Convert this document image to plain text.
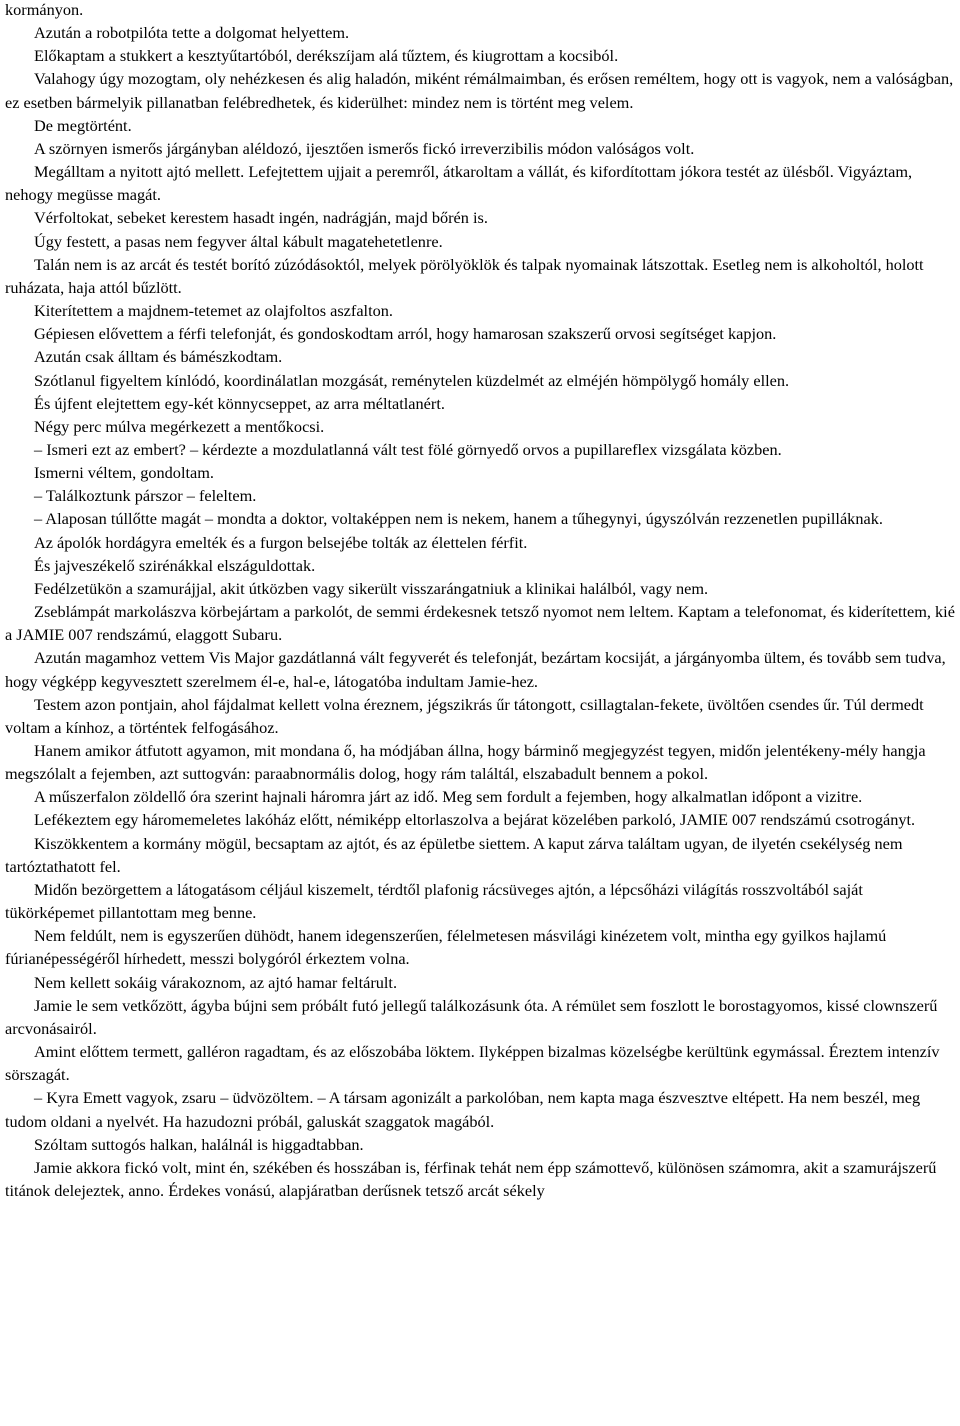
kormányon.

Azután a robotpilóta tette a dolgomat helyettem.

Előkaptam a stukkert a kesztyűtartóból, derékszíjam alá tűztem, és kiugrottam a kocsiból.

Valahogy úgy mozogtam, oly nehézkesen és alig haladón, miként rémálmaimban, és erősen reméltem, hogy ott is vagyok, nem a valóságban, ez esetben bármelyik pillanatban felébredhetek, és kiderülhet: mindez nem is történt meg velem.

De megtörtént.

A szörnyen ismerős járgányban aléldozó, ijesztően ismerős fickó irreverzibilis módon valóságos volt.

Megálltam a nyitott ajtó mellett. Lefejtettem ujjait a peremről, átkaroltam a vállát, és kifordítottam jókora testét az ülésből. Vigyáztam, nehogy megüsse magát.

Vérfoltokat, sebeket kerestem hasadt ingén, nadrágján, majd bőrén is.

Úgy festett, a pasas nem fegyver által kábult magatehetetlenre.

Talán nem is az arcát és testét borító zúzódásoktól, melyek pörölyöklök és talpak nyomainak látszottak. Esetleg nem is alkoholtól, holott ruházata, haja attól bűzlött.

Kiterítettem a majdnem-tetemet az olajfoltos aszfalton.

Gépiesen elővettem a férfi telefonját, és gondoskodtam arról, hogy hamarosan szakszerű orvosi segítséget kapjon.

Azután csak álltam és bámészkodtam.

Szótlanul figyeltem kínlódó, koordinálatlan mozgását, reménytelen küzdelmét az elméjén hömpölygő homály ellen.

És újfent elejtettem egy-két könnycseppet, az arra méltatlanért.

Négy perc múlva megérkezett a mentőkocsi.

– Ismeri ezt az embert? – kérdezte a mozdulatlanná vált test fölé görnyedő orvos a pupillareflex vizsgálata közben.

Ismerni véltem, gondoltam.

– Találkoztunk párszor – feleltem.

– Alaposan túllőtte magát – mondta a doktor, voltaképpen nem is nekem, hanem a tűhegynyi, úgyszólván rezzenetlen pupilláknak.

Az ápolók hordágyra emelték és a furgon belsejébe tolták az élettelen férfit.

És jajveszékelő szirénákkal elszáguldottak.

Fedélzetükön a szamurájjal, akit útközben vagy sikerült visszarángatniuk a klinikai halálból, vagy nem.

Zseblámpát markolászva körbejártam a parkolót, de semmi érdekesnek tetsző nyomot nem leltem. Kaptam a telefonomat, és kiderítettem, kié a JAMIE 007 rendszámú, elaggott Subaru.

Azután magamhoz vettem Vis Major gazdátlanná vált fegyverét és telefonját, bezártam kocsiját, a járgányomba ültem, és tovább sem tudva, hogy végképp kegyvesztett szerelmem él-e, hal-e, látogatóba indultam Jamie-hez.

Testem azon pontjain, ahol fájdalmat kellett volna éreznem, jégszikrás űr tátongott, csillagtalan-fekete, üvöltően csendes űr. Túl dermedt voltam a kínhoz, a történtek felfogásához.

Hanem amikor átfutott agyamon, mit mondana ő, ha módjában állna, hogy bárminő megjegyzést tegyen, midőn jelentékeny-mély hangja megszólalt a fejemben, azt suttogván: paraabnormális dolog, hogy rám találtál, elszabadult bennem a pokol.

A műszerfalon zöldellő óra szerint hajnali háromra járt az idő. Meg sem fordult a fejemben, hogy alkalmatlan időpont a vizitre.

Lefékeztem egy háromemeletes lakóház előtt, némiképp eltorlaszolva a bejárat közelében parkoló, JAMIE 007 rendszámú csotrogányt.

Kiszökkentem a kormány mögül, becsaptam az ajtót, és az épületbe siettem. A kaput zárva találtam ugyan, de ilyetén csekélység nem tartóztathatott fel.

Midőn bezörgettem a látogatásom céljául kiszemelt, térdtől plafonig rácsüveges ajtón, a lépcsőházi világítás rosszvoltából saját tükörképemet pillantottam meg benne.

Nem feldúlt, nem is egyszerűen dühödt, hanem idegenszerűen, félelmetesen másvilági kinézetem volt, mintha egy gyilkos hajlamú fúrianépességéről hírhedett, messzi bolygóról érkeztem volna.

Nem kellett sokáig várakoznom, az ajtó hamar feltárult.

Jamie le sem vetkőzött, ágyba bújni sem próbált futó jellegű találkozásunk óta. A rémület sem foszlott le borostagyomos, kissé clownszerű arcvonásairól.

Amint előttem termett, galléron ragadtam, és az előszobába löktem. Ilyképpen bizalmas közelségbe kerültünk egymással. Éreztem intenzív sörszagát.

– Kyra Emett vagyok, zsaru – üdvözöltem. – A társam agonizált a parkolóban, nem kapta maga észvesztve eltépett. Ha nem beszél, meg tudom oldani a nyelvét. Ha hazudozni próbál, galuskát szaggatok magából.

Szóltam suttogós halkan, halálnál is higgadtabban.

Jamie akkora fickó volt, mint én, székében és hosszában is, férfinak tehát nem épp számottevő, különösen számomra, akit a szamurájszerű titánok delejeztek, anno. Érdekes vonású, alapjáratban derűsnek tetsző arcát sékely
